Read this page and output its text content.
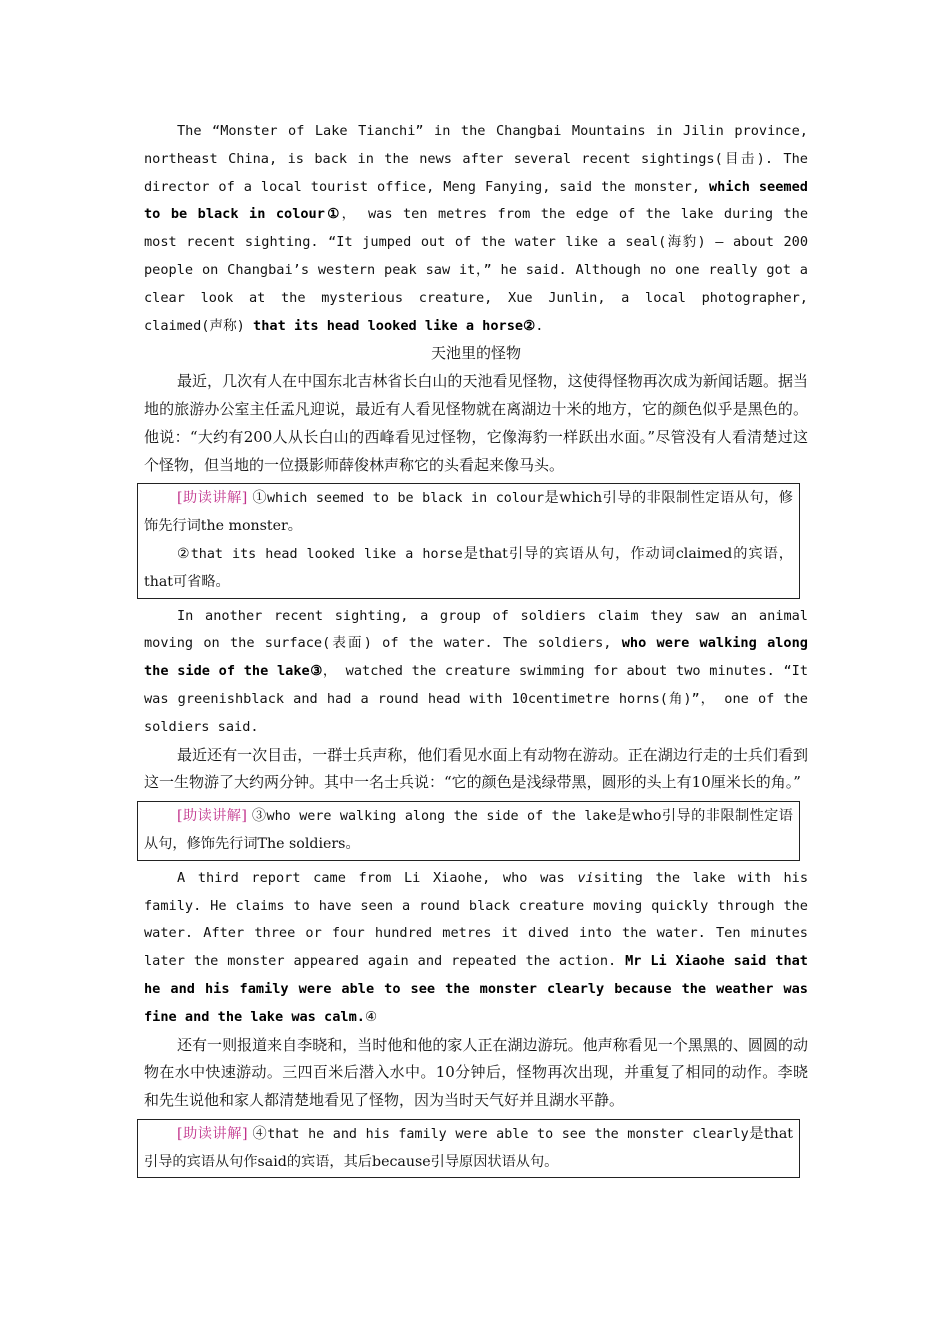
The “Monster of Lake Tianchi” in the Changbai Mountains in Jilin province, northeast China, is back in the news after several recent sightings(目击). The director of a local tourist office, Meng Fanying, said the monster, which seemed to be black in colour①， was ten metres from the edge of the lake during the most recent sighting. “It jumped out of the water like a seal(海豹) — about 200 people on Changbai’s western peak saw it，” he said. Although no one really got a clear look at the mysterious creature, Xue Junlin, a local photographer, claimed(声称) that its head looked like a horse②.

天池里的怪物

最近，几次有人在中国东北吉林省长白山的天池看见怪物，这使得怪物再次成为新闻话题。据当地的旅游办公室主任孟凡迎说，最近有人看见怪物就在离湖边十米的地方，它的颜色似乎是黑色的。他说：“大约有200人从长白山的西峰看见过怪物，它像海豹一样跃出水面。”尽管没有人看清楚过这个怪物，但当地的一位摄影师薛俊林声称它的头看起来像马头。

[助读讲解] ①which seemed to be black in colour是which引导的非限制性定语从句，修饰先行词the monster。

②that its head looked like a horse是that引导的宾语从句，作动词claimed的宾语，that可省略。

In another recent sighting, a group of soldiers claim they saw an animal moving on the surface(表面) of the water. The soldiers, who were walking along the side of the lake③， watched the creature swimming for about two minutes. “It was greenishblack and had a round head with 10centimetre horns(角)”， one of the soldiers said.

最近还有一次目击，一群士兵声称，他们看见水面上有动物在游动。正在湖边行走的士兵们看到这一生物游了大约两分钟。其中一名士兵说：“它的颜色是浅绿带黑，圆形的头上有10厘米长的角。”

[助读讲解] ③who were walking along the side of the lake是who引导的非限制性定语从句，修饰先行词The soldiers。

A third report came from Li Xiaohe, who was visiting the lake with his family. He claims to have seen a round black creature moving quickly through the water. After three or four hundred metres it dived into the water. Ten minutes later the monster appeared again and repeated the action. Mr Li Xiaohe said that he and his family were able to see the monster clearly because the weather was fine and the lake was calm.④

还有一则报道来自李晓和，当时他和他的家人正在湖边游玩。他声称看见一个黑黑的、圆圆的动物在水中快速游动。三四百米后潜入水中。10分钟后，怪物再次出现，并重复了相同的动作。李晓和先生说他和家人都清楚地看见了怪物，因为当时天气好并且湖水平静。

[助读讲解] ④that he and his family were able to see the monster clearly是that引导的宾语从句作said的宾语，其后because引导原因状语从句。
